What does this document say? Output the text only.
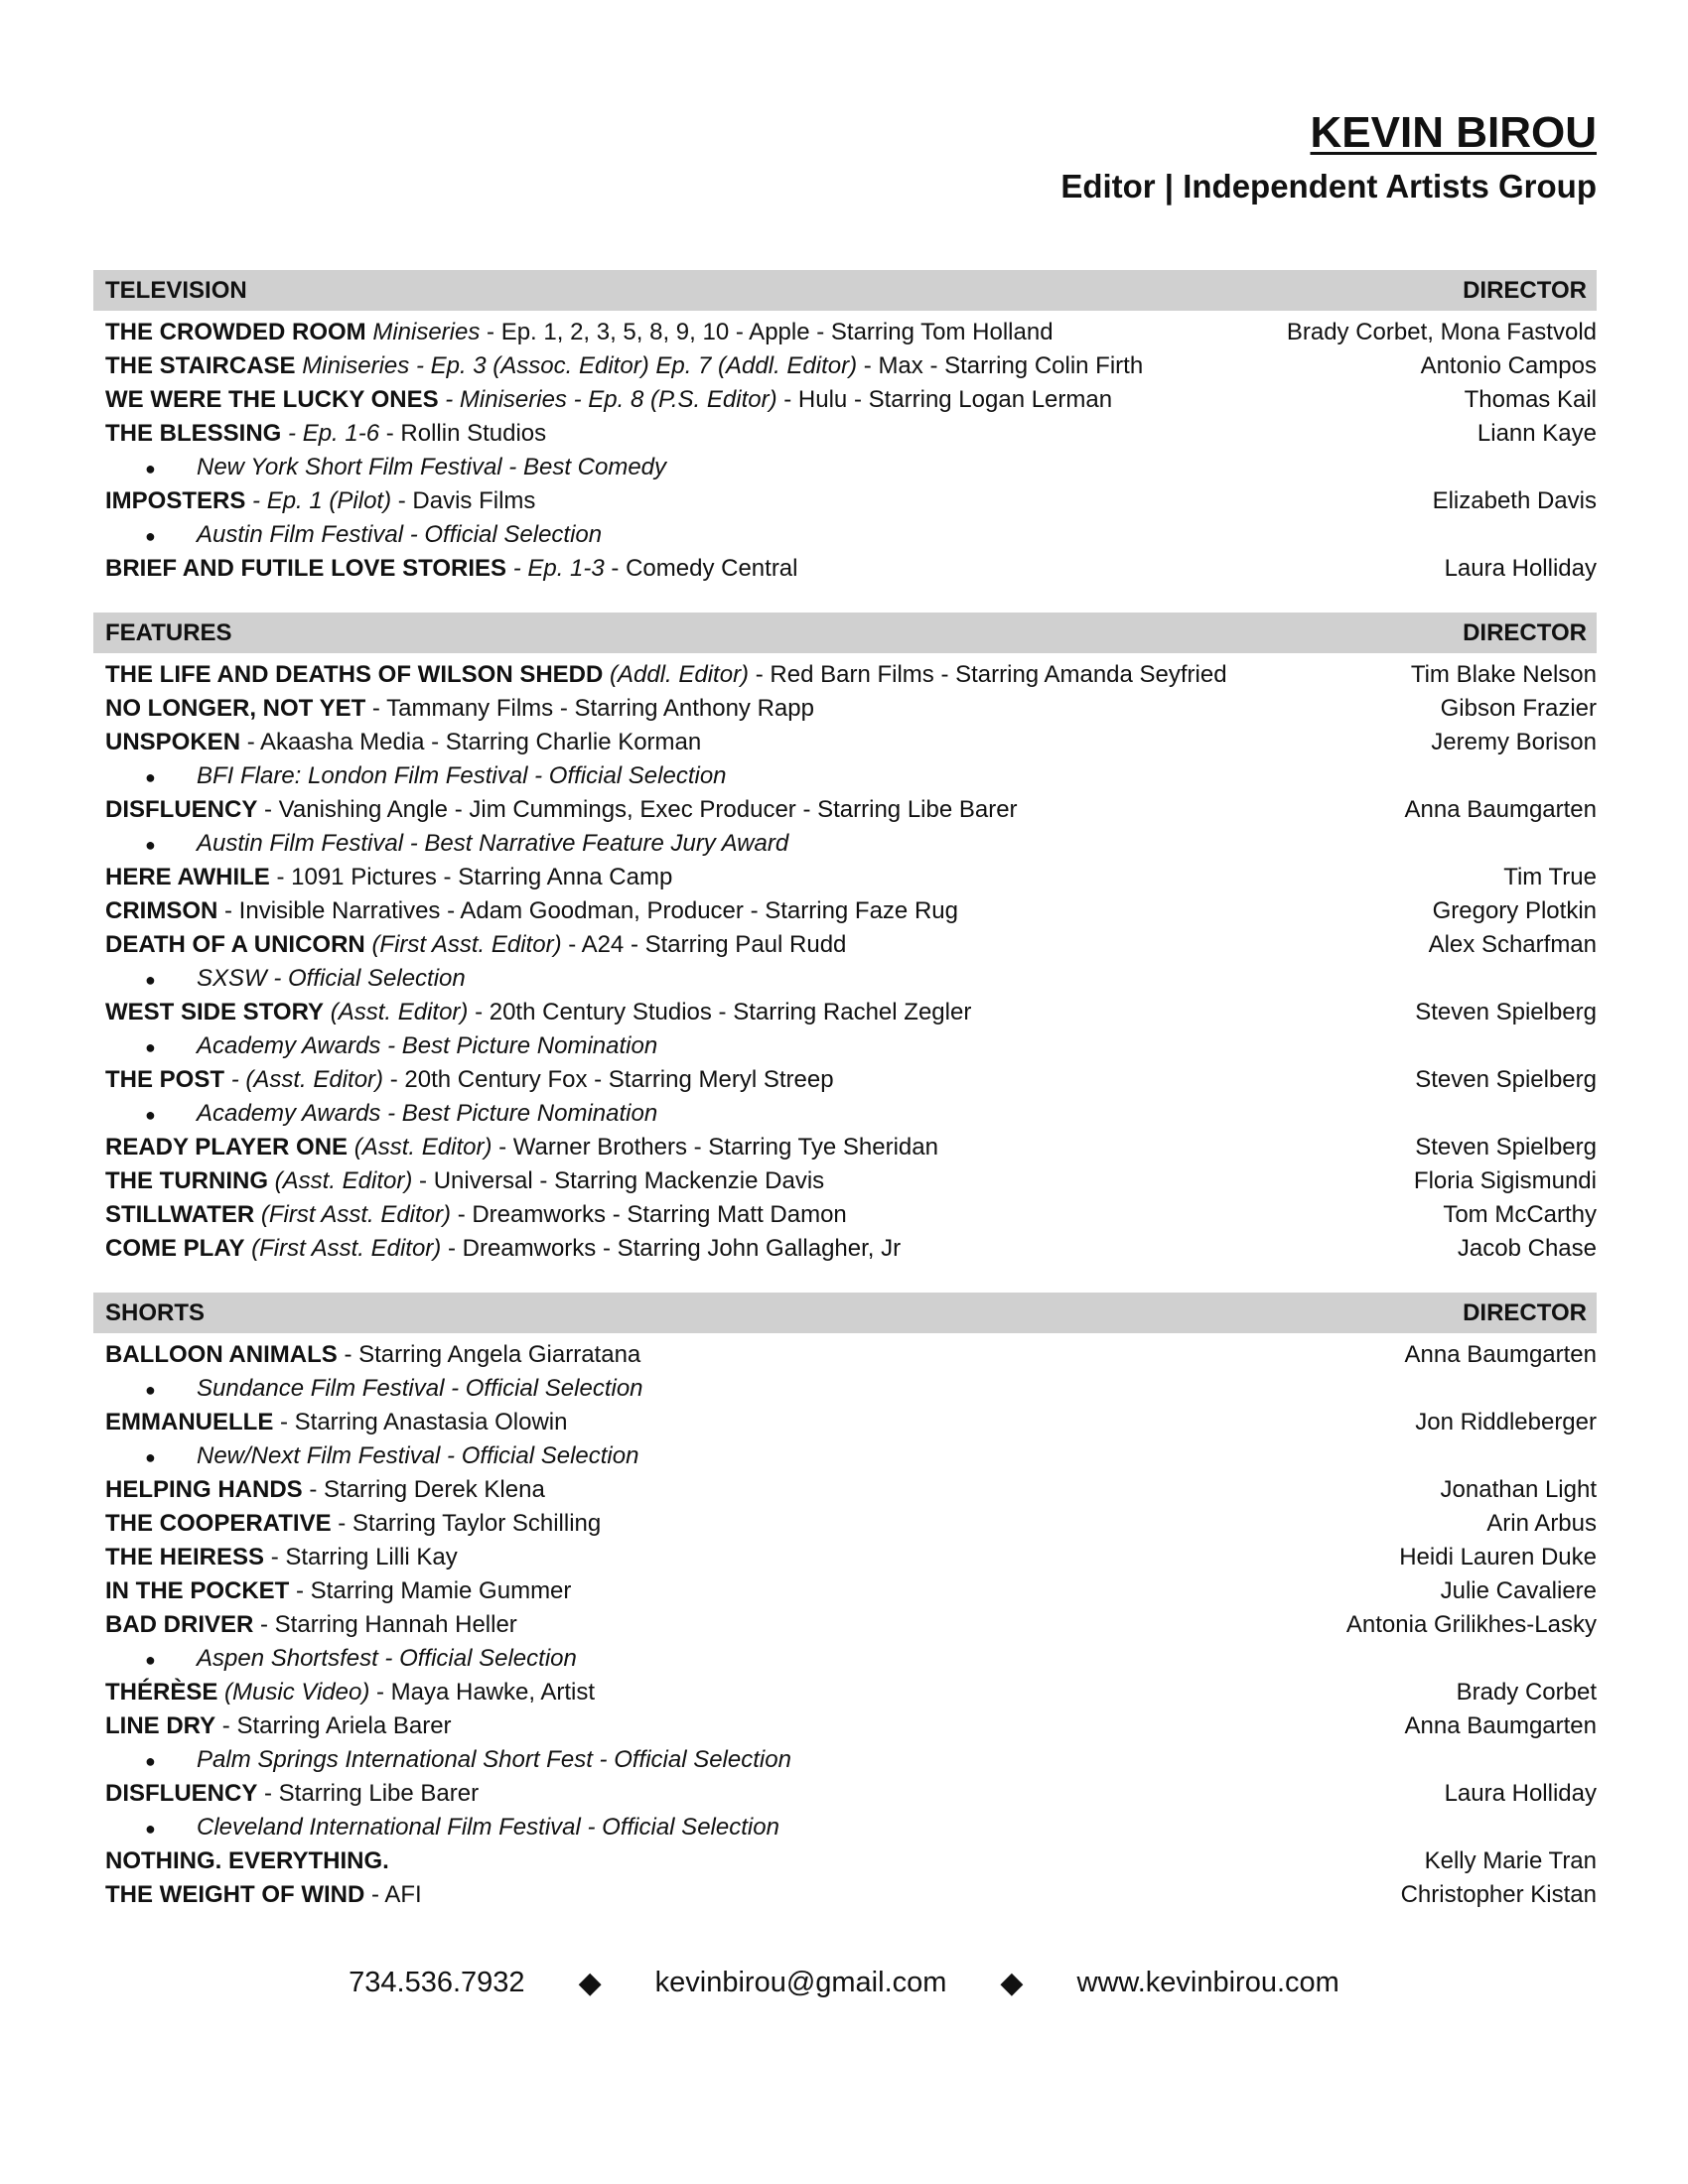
KEVIN BIROU
Editor | Independent Artists Group
TELEVISION	DIRECTOR
THE CROWDED ROOM Miniseries - Ep. 1, 2, 3, 5, 8, 9, 10 - Apple - Starring Tom Holland	Brady Corbet, Mona Fastvold
THE STAIRCASE Miniseries - Ep. 3 (Assoc. Editor) Ep. 7 (Addl. Editor) - Max - Starring Colin Firth	Antonio Campos
WE WERE THE LUCKY ONES - Miniseries - Ep. 8 (P.S. Editor) - Hulu - Starring Logan Lerman	Thomas Kail
THE BLESSING - Ep. 1-6 - Rollin Studios	Liann Kaye
● New York Short Film Festival - Best Comedy
IMPOSTERS - Ep. 1 (Pilot) - Davis Films	Elizabeth Davis
● Austin Film Festival - Official Selection
BRIEF AND FUTILE LOVE STORIES - Ep. 1-3 - Comedy Central	Laura Holliday
FEATURES	DIRECTOR
THE LIFE AND DEATHS OF WILSON SHEDD (Addl. Editor) - Red Barn Films - Starring Amanda Seyfried	Tim Blake Nelson
NO LONGER, NOT YET - Tammany Films - Starring Anthony Rapp	Gibson Frazier
UNSPOKEN - Akaasha Media - Starring Charlie Korman	Jeremy Borison
● BFI Flare: London Film Festival - Official Selection
DISFLUENCY - Vanishing Angle - Jim Cummings, Exec Producer - Starring Libe Barer	Anna Baumgarten
● Austin Film Festival - Best Narrative Feature Jury Award
HERE AWHILE - 1091 Pictures - Starring Anna Camp	Tim True
CRIMSON - Invisible Narratives - Adam Goodman, Producer - Starring Faze Rug	Gregory Plotkin
DEATH OF A UNICORN (First Asst. Editor) - A24 - Starring Paul Rudd	Alex Scharfman
● SXSW - Official Selection
WEST SIDE STORY (Asst. Editor) - 20th Century Studios - Starring Rachel Zegler	Steven Spielberg
● Academy Awards - Best Picture Nomination
THE POST - (Asst. Editor) - 20th Century Fox - Starring Meryl Streep	Steven Spielberg
● Academy Awards - Best Picture Nomination
READY PLAYER ONE (Asst. Editor) - Warner Brothers - Starring Tye Sheridan	Steven Spielberg
THE TURNING (Asst. Editor) - Universal - Starring Mackenzie Davis	Floria Sigismundi
STILLWATER (First Asst. Editor) - Dreamworks - Starring Matt Damon	Tom McCarthy
COME PLAY (First Asst. Editor) - Dreamworks - Starring John Gallagher, Jr	Jacob Chase
SHORTS	DIRECTOR
BALLOON ANIMALS - Starring Angela Giarratana	Anna Baumgarten
● Sundance Film Festival - Official Selection
EMMANUELLE - Starring Anastasia Olowin	Jon Riddleberger
● New/Next Film Festival - Official Selection
HELPING HANDS - Starring Derek Klena	Jonathan Light
THE COOPERATIVE - Starring Taylor Schilling	Arin Arbus
THE HEIRESS - Starring Lilli Kay	Heidi Lauren Duke
IN THE POCKET - Starring Mamie Gummer	Julie Cavaliere
BAD DRIVER - Starring Hannah Heller	Antonia Grilikhes-Lasky
● Aspen Shortsfest - Official Selection
THÉRÈSE (Music Video) - Maya Hawke, Artist	Brady Corbet
LINE DRY - Starring Ariela Barer	Anna Baumgarten
● Palm Springs International Short Fest - Official Selection
DISFLUENCY - Starring Libe Barer	Laura Holliday
● Cleveland International Film Festival - Official Selection
NOTHING. EVERYTHING.	Kelly Marie Tran
THE WEIGHT OF WIND - AFI	Christopher Kistan
734.536.7932 ◆ kevinbirou@gmail.com ◆ www.kevinbirou.com
